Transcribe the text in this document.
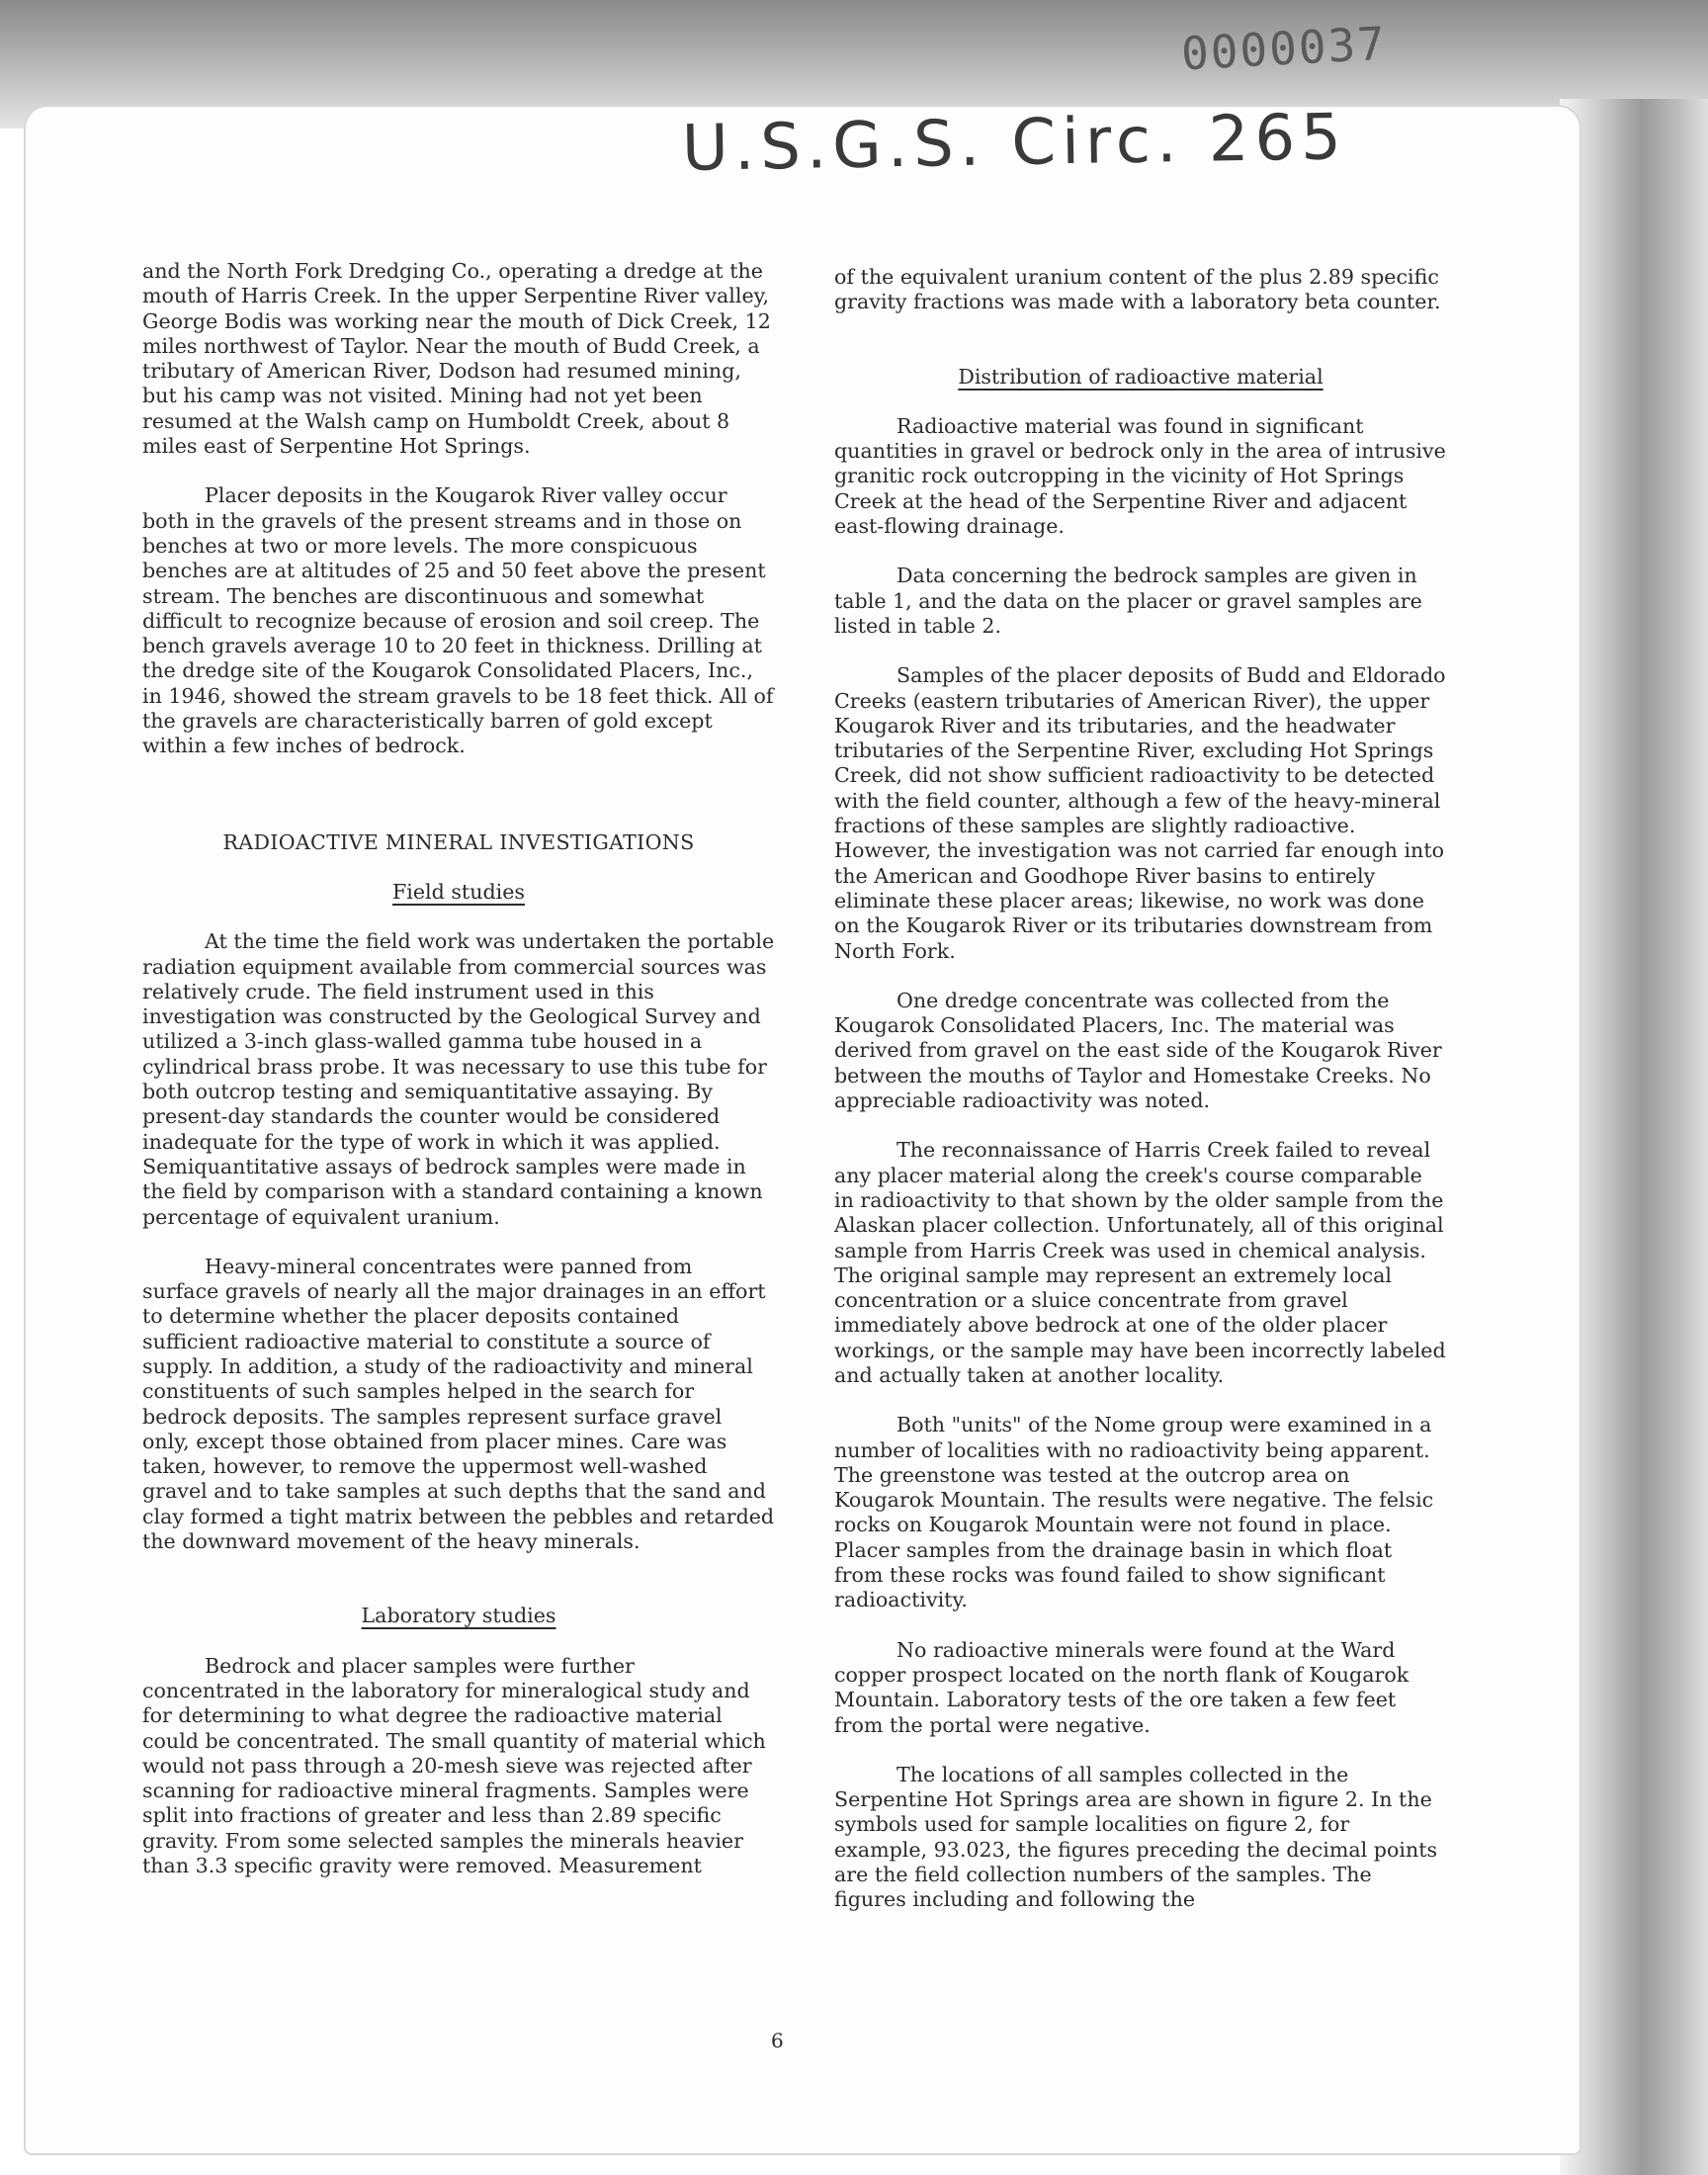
0000037
U.S.G.S. Circ. 265

and the North Fork Dredging Co., operating a dredge at the mouth of Harris Creek. In the upper Serpentine River valley, George Bodis was working near the mouth of Dick Creek, 12 miles northwest of Taylor. Near the mouth of Budd Creek, a tributary of American River, Dodson had resumed mining, but his camp was not visited. Mining had not yet been resumed at the Walsh camp on Humboldt Creek, about 8 miles east of Serpentine Hot Springs.

Placer deposits in the Kougarok River valley occur both in the gravels of the present streams and in those on benches at two or more levels. The more conspicuous benches are at altitudes of 25 and 50 feet above the present stream. The benches are discontinuous and somewhat difficult to recognize because of erosion and soil creep. The bench gravels average 10 to 20 feet in thickness. Drilling at the dredge site of the Kougarok Consolidated Placers, Inc., in 1946, showed the stream gravels to be 18 feet thick. All of the gravels are characteristically barren of gold except within a few inches of bedrock.

RADIOACTIVE MINERAL INVESTIGATIONS

Field studies

At the time the field work was undertaken the portable radiation equipment available from commercial sources was relatively crude. The field instrument used in this investigation was constructed by the Geological Survey and utilized a 3-inch glass-walled gamma tube housed in a cylindrical brass probe. It was necessary to use this tube for both outcrop testing and semiquantitative assaying. By present-day standards the counter would be considered inadequate for the type of work in which it was applied. Semiquantitative assays of bedrock samples were made in the field by comparison with a standard containing a known percentage of equivalent uranium.

Heavy-mineral concentrates were panned from surface gravels of nearly all the major drainages in an effort to determine whether the placer deposits contained sufficient radioactive material to constitute a source of supply. In addition, a study of the radioactivity and mineral constituents of such samples helped in the search for bedrock deposits. The samples represent surface gravel only, except those obtained from placer mines. Care was taken, however, to remove the uppermost well-washed gravel and to take samples at such depths that the sand and clay formed a tight matrix between the pebbles and retarded the downward movement of the heavy minerals.

Laboratory studies

Bedrock and placer samples were further concentrated in the laboratory for mineralogical study and for determining to what degree the radioactive material could be concentrated. The small quantity of material which would not pass through a 20-mesh sieve was rejected after scanning for radioactive mineral fragments. Samples were split into fractions of greater and less than 2.89 specific gravity. From some selected samples the minerals heavier than 3.3 specific gravity were removed. Measurement

of the equivalent uranium content of the plus 2.89 specific gravity fractions was made with a laboratory beta counter.

Distribution of radioactive material

Radioactive material was found in significant quantities in gravel or bedrock only in the area of intrusive granitic rock outcropping in the vicinity of Hot Springs Creek at the head of the Serpentine River and adjacent east-flowing drainage.

Data concerning the bedrock samples are given in table 1, and the data on the placer or gravel samples are listed in table 2.

Samples of the placer deposits of Budd and Eldorado Creeks (eastern tributaries of American River), the upper Kougarok River and its tributaries, and the headwater tributaries of the Serpentine River, excluding Hot Springs Creek, did not show sufficient radioactivity to be detected with the field counter, although a few of the heavy-mineral fractions of these samples are slightly radioactive. However, the investigation was not carried far enough into the American and Goodhope River basins to entirely eliminate these placer areas; likewise, no work was done on the Kougarok River or its tributaries downstream from North Fork.

One dredge concentrate was collected from the Kougarok Consolidated Placers, Inc. The material was derived from gravel on the east side of the Kougarok River between the mouths of Taylor and Homestake Creeks. No appreciable radioactivity was noted.

The reconnaissance of Harris Creek failed to reveal any placer material along the creek's course comparable in radioactivity to that shown by the older sample from the Alaskan placer collection. Unfortunately, all of this original sample from Harris Creek was used in chemical analysis. The original sample may represent an extremely local concentration or a sluice concentrate from gravel immediately above bedrock at one of the older placer workings, or the sample may have been incorrectly labeled and actually taken at another locality.

Both "units" of the Nome group were examined in a number of localities with no radioactivity being apparent. The greenstone was tested at the outcrop area on Kougarok Mountain. The results were negative. The felsic rocks on Kougarok Mountain were not found in place. Placer samples from the drainage basin in which float from these rocks was found failed to show significant radioactivity.

No radioactive minerals were found at the Ward copper prospect located on the north flank of Kougarok Mountain. Laboratory tests of the ore taken a few feet from the portal were negative.

The locations of all samples collected in the Serpentine Hot Springs area are shown in figure 2. In the symbols used for sample localities on figure 2, for example, 93.023, the figures preceding the decimal points are the field collection numbers of the samples. The figures including and following the

6
